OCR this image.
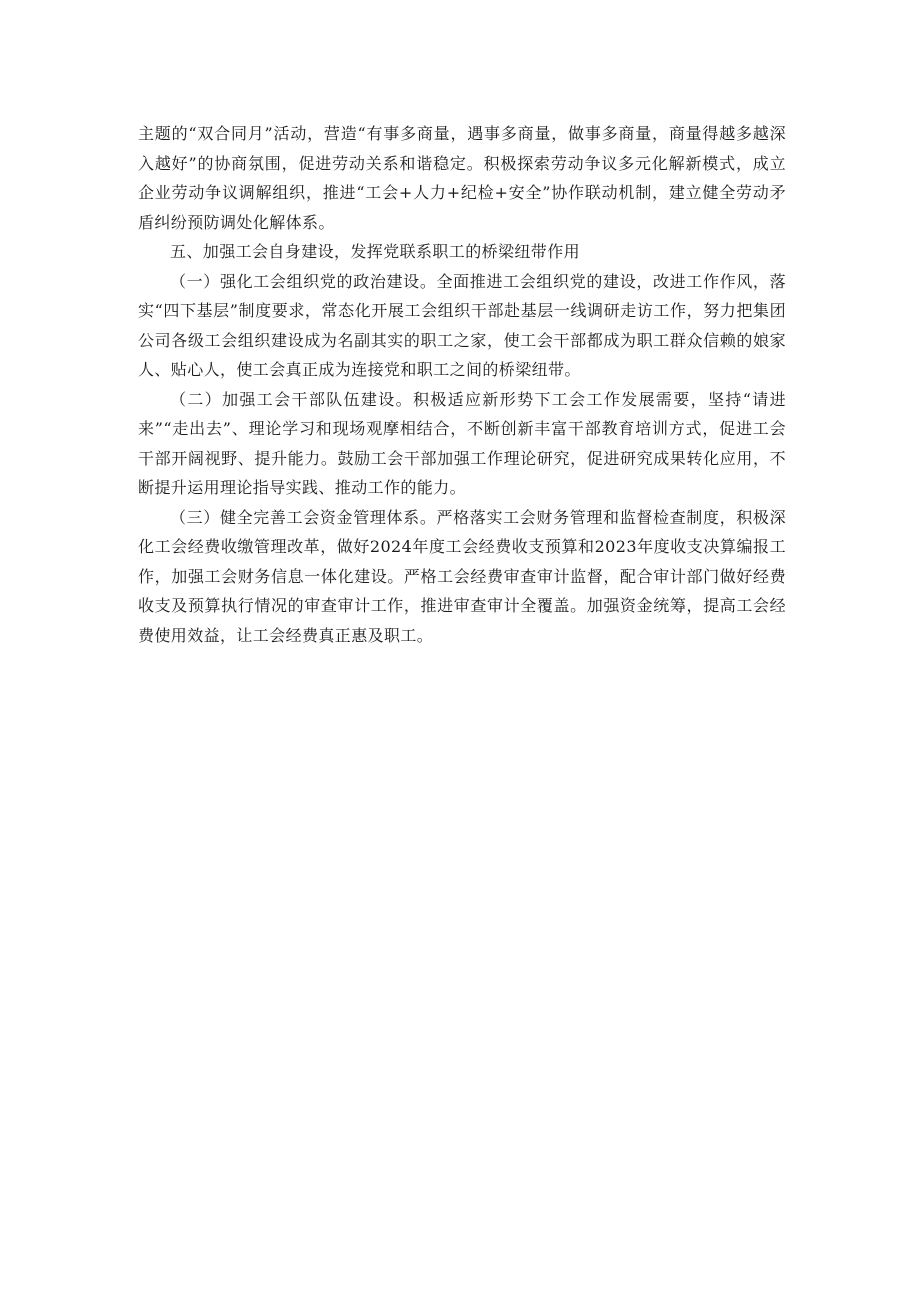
主题的“双合同月”活动，营造“有事多商量，遇事多商量，做事多商量，商量得越多越深入越好”的协商氛围，促进劳动关系和谐稳定。积极探索劳动争议多元化解新模式，成立企业劳动争议调解组织，推进“工会+人力+纪检+安全”协作联动机制，建立健全劳动矛盾纠纷预防调处化解体系。

五、加强工会自身建设，发挥党联系职工的桥梁纽带作用

（一）强化工会组织党的政治建设。全面推进工会组织党的建设，改进工作作风，落实“四下基层”制度要求，常态化开展工会组织干部赴基层一线调研走访工作，努力把集团公司各级工会组织建设成为名副其实的职工之家，使工会干部都成为职工群众信赖的娘家人、贴心人，使工会真正成为连接党和职工之间的桥梁纽带。

（二）加强工会干部队伍建设。积极适应新形势下工会工作发展需要，坚持“请进来”“走出去”、理论学习和现场观摩相结合，不断创新丰富干部教育培训方式，促进工会干部开阔视野、提升能力。鼓励工会干部加强工作理论研究，促进研究成果转化应用，不断提升运用理论指导实践、推动工作的能力。

（三）健全完善工会资金管理体系。严格落实工会财务管理和监督检查制度，积极深化工会经费收缴管理改革，做好2024年度工会经费收支预算和2023年度收支决算编报工作，加强工会财务信息一体化建设。严格工会经费审查审计监督，配合审计部门做好经费收支及预算执行情况的审查审计工作，推进审查审计全覆盖。加强资金统筹，提高工会经费使用效益，让工会经费真正惠及职工。
